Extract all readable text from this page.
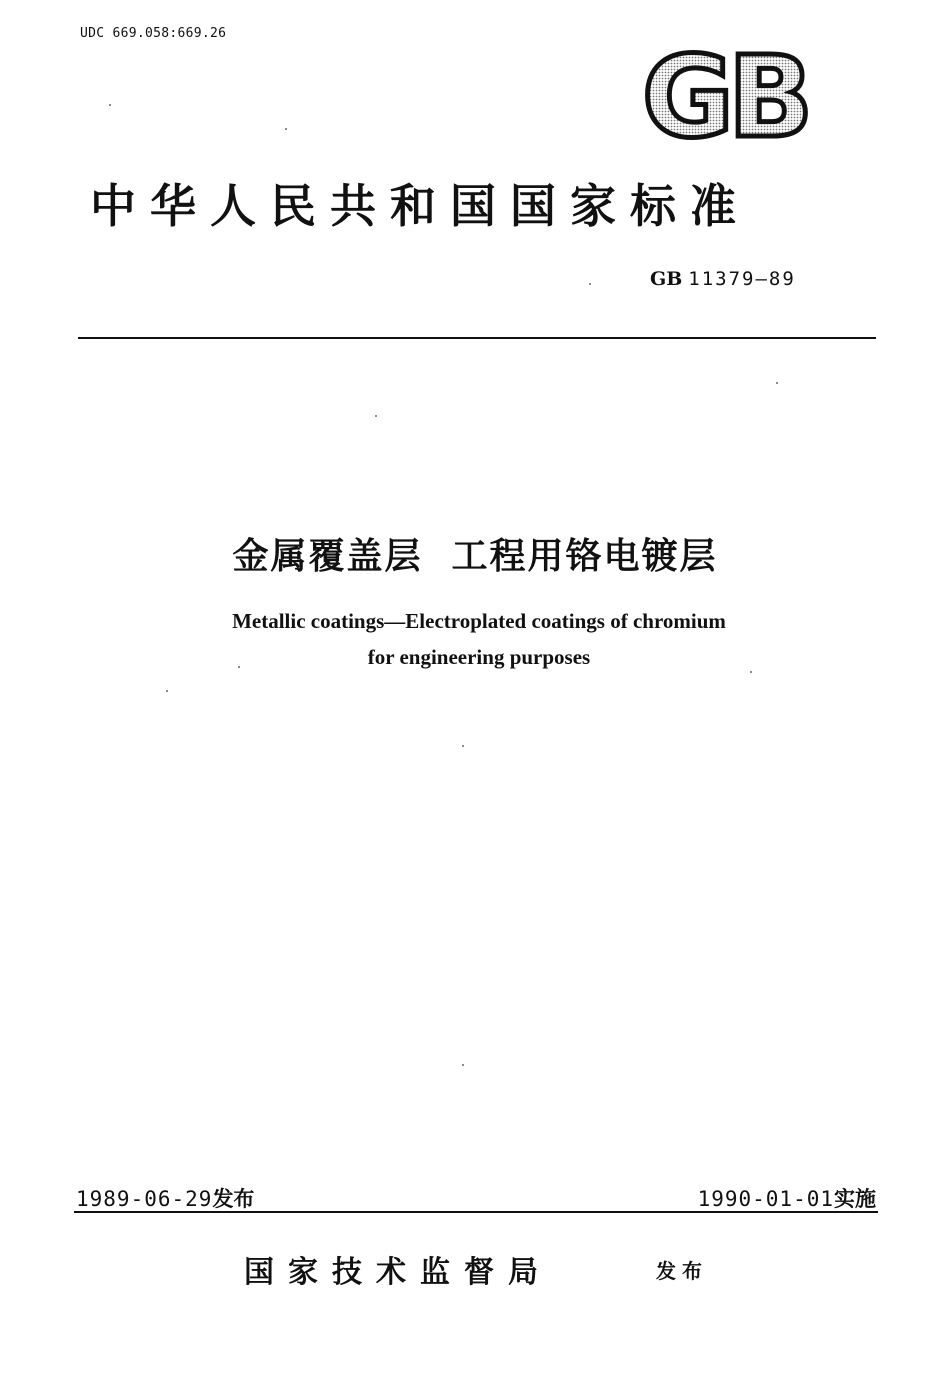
UDC 669.058:669.26	GB
中华人民共和国国家标准
GB 11379—89
金属覆盖层  工程用铬电镀层
Metallic coatings—Electroplated coatings of chromium
for engineering purposes
1989-06-29发布	1990-01-01实施
国家技术监督局	发布
